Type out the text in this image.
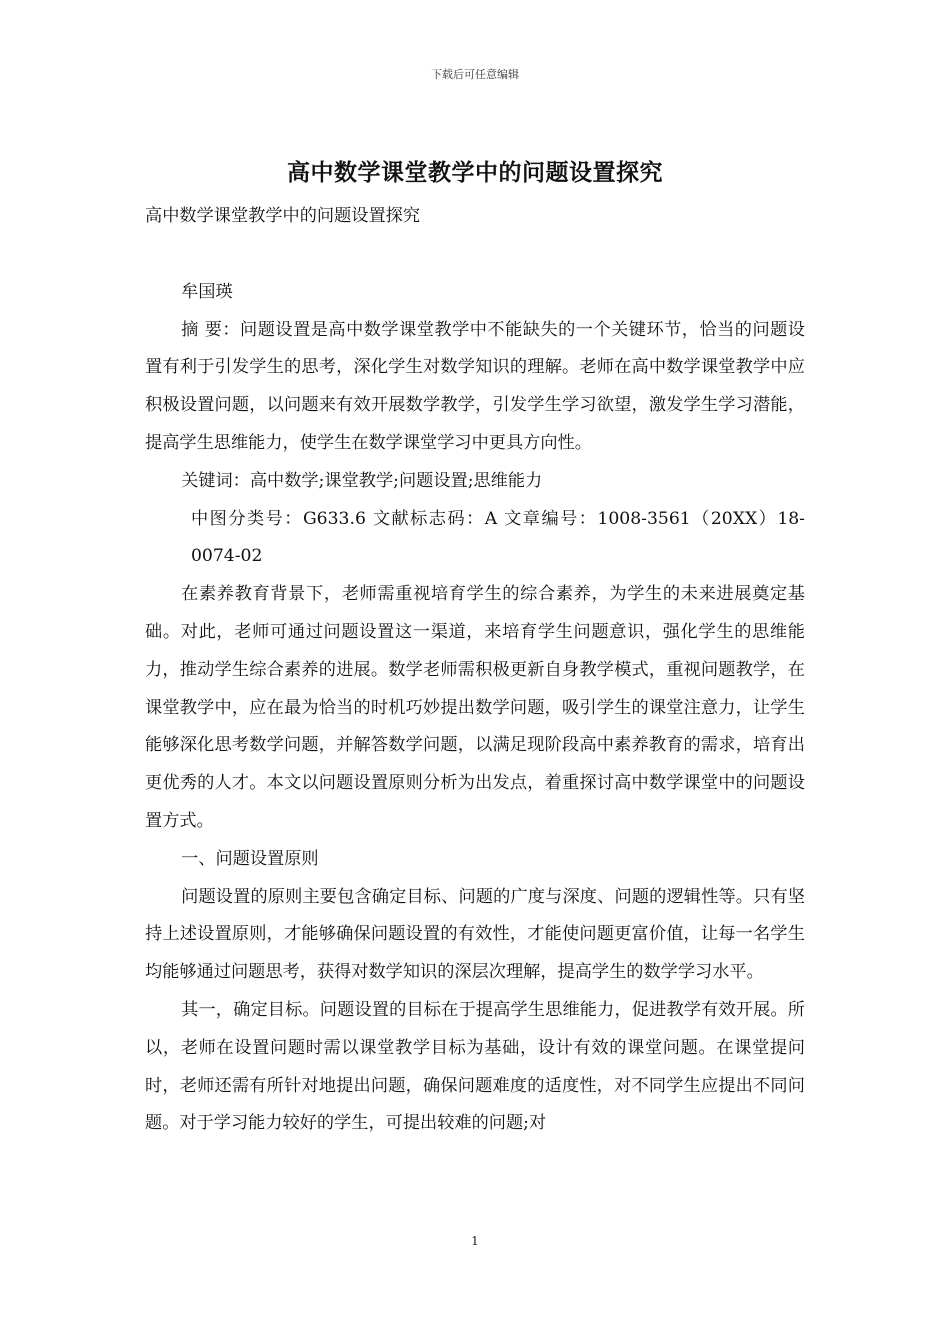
下载后可任意编辑
高中数学课堂教学中的问题设置探究

高中数学课堂教学中的问题设置探究

牟国瑛

摘 要：问题设置是高中数学课堂教学中不能缺失的一个关键环节，恰当的问题设置有利于引发学生的思考，深化学生对数学知识的理解。老师在高中数学课堂教学中应积极设置问题，以问题来有效开展数学教学，引发学生学习欲望，激发学生学习潜能，提高学生思维能力，使学生在数学课堂学习中更具方向性。

关键词：高中数学;课堂教学;问题设置;思维能力

中图分类号：G633.6 文献标志码：A 文章编号：1008-3561（20XX）18-0074-02

在素养教育背景下，老师需重视培育学生的综合素养，为学生的未来进展奠定基础。对此，老师可通过问题设置这一渠道，来培育学生问题意识，强化学生的思维能力，推动学生综合素养的进展。数学老师需积极更新自身教学模式，重视问题教学，在课堂教学中，应在最为恰当的时机巧妙提出数学问题，吸引学生的课堂注意力，让学生能够深化思考数学问题，并解答数学问题，以满足现阶段高中素养教育的需求，培育出更优秀的人才。本文以问题设置原则分析为出发点，着重探讨高中数学课堂中的问题设置方式。

一、问题设置原则

问题设置的原则主要包含确定目标、问题的广度与深度、问题的逻辑性等。只有坚持上述设置原则，才能够确保问题设置的有效性，才能使问题更富价值，让每一名学生均能够通过问题思考，获得对数学知识的深层次理解，提高学生的数学学习水平。

其一，确定目标。问题设置的目标在于提高学生思维能力，促进教学有效开展。所以，老师在设置问题时需以课堂教学目标为基础，设计有效的课堂问题。在课堂提问时，老师还需有所针对地提出问题，确保问题难度的适度性，对不同学生应提出不同问题。对于学习能力较好的学生，可提出较难的问题;对

1
